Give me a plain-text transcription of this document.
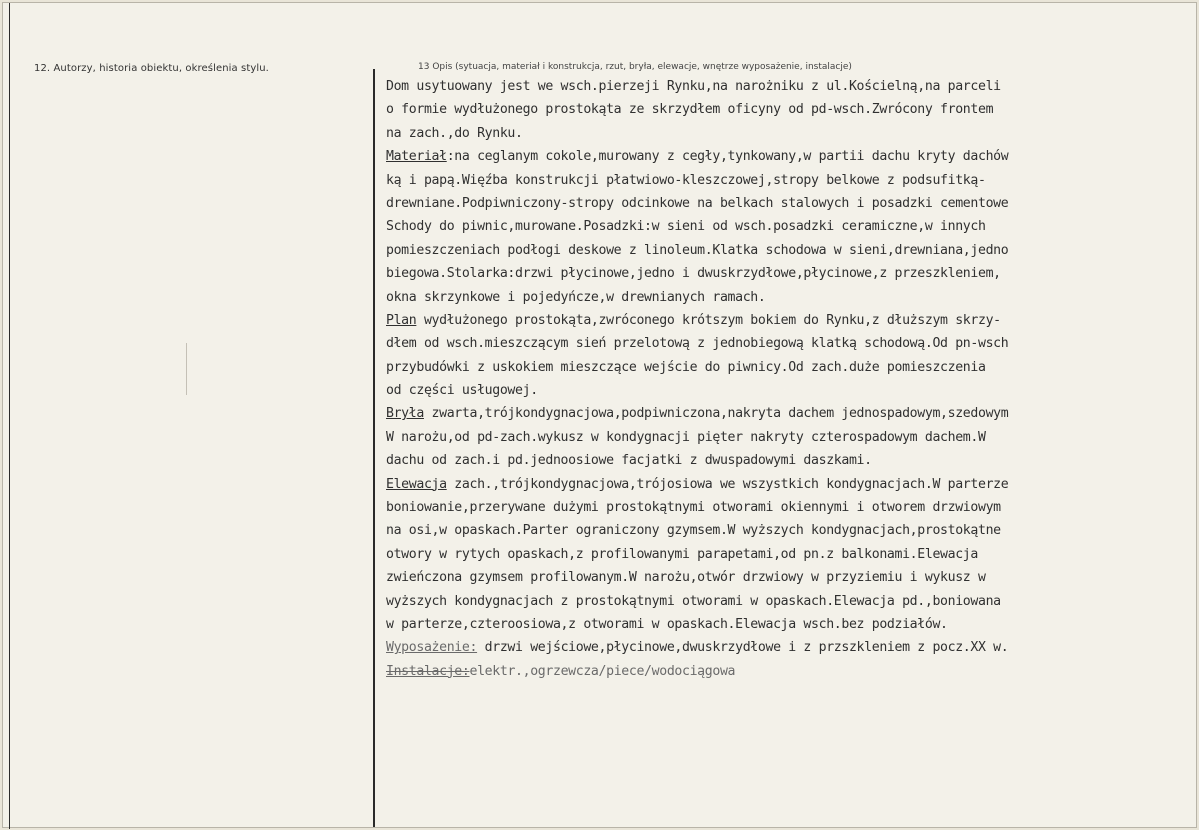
12. Autorzy, historia obiektu, określenia stylu.	13 Opis (sytuacja, materiał i konstrukcja, rzut, bryła, elewacje, wnętrze wyposażenie, instalacje)
Dom usytuowany jest we wsch.pierzeji Rynku,na narożniku z ul.Kościelną,na parceli
o formie wydłużonego prostokąta ze skrzydłem oficyny od pd-wsch.Zwrócony frontem
na zach.,do Rynku.
Materiał:na ceglanym cokole,murowany z cegły,tynkowany,w partii dachu kryty dachów
ką i papą.Więźba konstrukcji płatwiowo-kleszczowej,stropy belkowe z podsufitką-
drewniane.Podpiwniczony-stropy odcinkowe na belkach stalowych i posadzki cementowe
Schody do piwnic,murowane.Posadzki:w sieni od wsch.posadzki ceramiczne,w innych
pomieszczeniach podłogi deskowe z linoleum.Klatka schodowa w sieni,drewniana,jedno
biegowa.Stolarka:drzwi płycinowe,jedno i dwuskrzydłowe,płycinowe,z przeszkleniem,
okna skrzynkowe i pojedyńcze,w drewnianych ramach.
Plan wydłużonego prostokąta,zwróconego krótszym bokiem do Rynku,z dłuższym skrzy-
dłem od wsch.mieszczącym sień przelotową z jednobiegową klatką schodową.Od pn-wsch
przybudówki z uskokiem mieszczące wejście do piwnicy.Od zach.duże pomieszczenia
od części usługowej.
Bryła zwarta,trójkondygnacjowa,podpiwniczona,nakryta dachem jednospadowym,szedowym
W narożu,od pd-zach.wykusz w kondygnacji pięter nakryty czterospadowym dachem.W
dachu od zach.i pd.jednoosiowe facjatki z dwuspadowymi daszkami.
Elewacja zach.,trójkondygnacjowa,trójosiowa we wszystkich kondygnacjach.W parterze
boniowanie,przerywane dużymi prostokątnymi otworami okiennymi i otworem drzwiowym
na osi,w opaskach.Parter ograniczony gzymsem.W wyższych kondygnacjach,prostokątne
otwory w rytych opaskach,z profilowanymi parapetami,od pn.z balkonami.Elewacja
zwieńczona gzymsem profilowanym.W narożu,otwór drzwiowy w przyziemiu i wykusz w
wyższych kondygnacjach z prostokątnymi otworami w opaskach.Elewacja pd.,boniowana
w parterze,czteroosiowa,z otworami w opaskach.Elewacja wsch.bez podziałów.
Wyposażenie: drzwi wejściowe,płycinowe,dwuskrzydłowe i z przszkleniem z pocz.XX w.
Instalacje:elektr.,ogrzewcza/piece/wodociągowa
